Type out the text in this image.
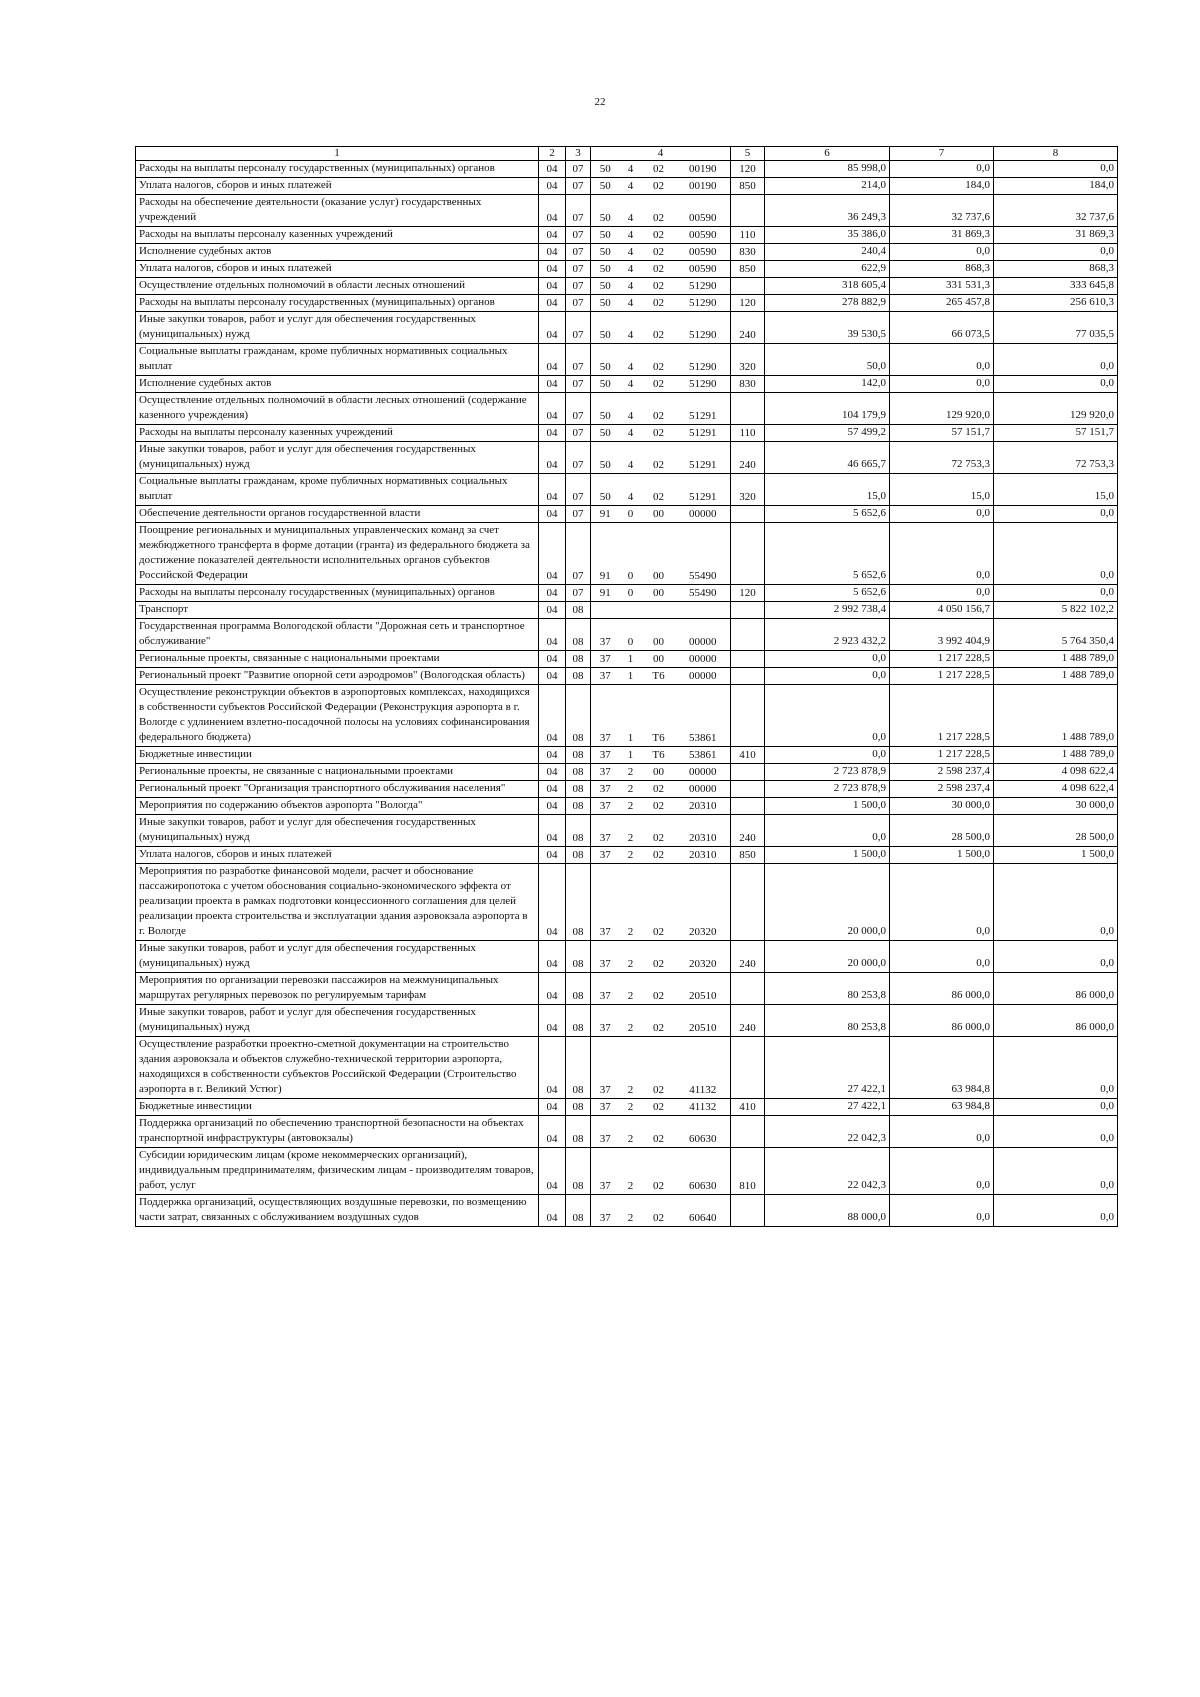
22
1	2	3	4				5	6	7	8
Расходы на выплаты персоналу государственных (муниципальных) органов	04	07	50	4	02	00190	120	85 998,0	0,0	0,0
Уплата налогов, сборов и иных платежей	04	07	50	4	02	00190	850	214,0	184,0	184,0
Расходы на обеспечение деятельности (оказание услуг) государственных учреждений	04	07	50	4	02	00590		36 249,3	32 737,6	32 737,6
Расходы на выплаты персоналу казенных учреждений	04	07	50	4	02	00590	110	35 386,0	31 869,3	31 869,3
Исполнение судебных актов	04	07	50	4	02	00590	830	240,4	0,0	0,0
Уплата налогов, сборов и иных платежей	04	07	50	4	02	00590	850	622,9	868,3	868,3
Осуществление отдельных полномочий в области лесных отношений	04	07	50	4	02	51290		318 605,4	331 531,3	333 645,8
Расходы на выплаты персоналу государственных (муниципальных) органов	04	07	50	4	02	51290	120	278 882,9	265 457,8	256 610,3
Иные закупки товаров, работ и услуг для обеспечения государственных (муниципальных) нужд	04	07	50	4	02	51290	240	39 530,5	66 073,5	77 035,5
Социальные выплаты гражданам, кроме публичных нормативных социальных выплат	04	07	50	4	02	51290	320	50,0	0,0	0,0
Исполнение судебных актов	04	07	50	4	02	51290	830	142,0	0,0	0,0
Осуществление отдельных полномочий в области лесных отношений (содержание казенного учреждения)	04	07	50	4	02	51291		104 179,9	129 920,0	129 920,0
Расходы на выплаты персоналу казенных учреждений	04	07	50	4	02	51291	110	57 499,2	57 151,7	57 151,7
Иные закупки товаров, работ и услуг для обеспечения государственных (муниципальных) нужд	04	07	50	4	02	51291	240	46 665,7	72 753,3	72 753,3
Социальные выплаты гражданам, кроме публичных нормативных социальных выплат	04	07	50	4	02	51291	320	15,0	15,0	15,0
Обеспечение деятельности органов государственной власти	04	07	91	0	00	00000		5 652,6	0,0	0,0
Поощрение региональных и муниципальных управленческих команд за счет межбюджетного трансферта в форме дотации (гранта) из федерального бюджета за достижение показателей деятельности исполнительных органов субъектов Российской Федерации	04	07	91	0	00	55490		5 652,6	0,0	0,0
Расходы на выплаты персоналу государственных (муниципальных) органов	04	07	91	0	00	55490	120	5 652,6	0,0	0,0
Транспорт	04	08						2 992 738,4	4 050 156,7	5 822 102,2
Государственная программа Вологодской области "Дорожная сеть и транспортное обслуживание"	04	08	37	0	00	00000		2 923 432,2	3 992 404,9	5 764 350,4
Региональные проекты, связанные с национальными проектами	04	08	37	1	00	00000		0,0	1 217 228,5	1 488 789,0
Региональный проект "Развитие опорной сети аэродромов" (Вологодская область)	04	08	37	1	Т6	00000		0,0	1 217 228,5	1 488 789,0
Осуществление реконструкции объектов в аэропортовых комплексах, находящихся в собственности субъектов Российской Федерации (Реконструкция аэропорта в г. Вологде с удлинением взлетно-посадочной полосы на условиях софинансирования федерального бюджета)	04	08	37	1	Т6	53861		0,0	1 217 228,5	1 488 789,0
Бюджетные инвестиции	04	08	37	1	Т6	53861	410	0,0	1 217 228,5	1 488 789,0
Региональные проекты, не связанные с национальными проектами	04	08	37	2	00	00000		2 723 878,9	2 598 237,4	4 098 622,4
Региональный проект "Организация транспортного обслуживания населения"	04	08	37	2	02	00000		2 723 878,9	2 598 237,4	4 098 622,4
Мероприятия по содержанию объектов аэропорта "Вологда"	04	08	37	2	02	20310		1 500,0	30 000,0	30 000,0
Иные закупки товаров, работ и услуг для обеспечения государственных (муниципальных) нужд	04	08	37	2	02	20310	240	0,0	28 500,0	28 500,0
Уплата налогов, сборов и иных платежей	04	08	37	2	02	20310	850	1 500,0	1 500,0	1 500,0
Мероприятия по разработке финансовой модели, расчет и обоснование пассажиропотока с учетом обоснования социально-экономического эффекта от реализации проекта в рамках подготовки концессионного соглашения для целей реализации проекта строительства и эксплуатации здания аэровокзала аэропорта в г. Вологде	04	08	37	2	02	20320		20 000,0	0,0	0,0
Иные закупки товаров, работ и услуг для обеспечения государственных (муниципальных) нужд	04	08	37	2	02	20320	240	20 000,0	0,0	0,0
Мероприятия по организации перевозки пассажиров на межмуниципальных маршрутах регулярных перевозок по регулируемым тарифам	04	08	37	2	02	20510		80 253,8	86 000,0	86 000,0
Иные закупки товаров, работ и услуг для обеспечения государственных (муниципальных) нужд	04	08	37	2	02	20510	240	80 253,8	86 000,0	86 000,0
Осуществление разработки проектно-сметной документации на строительство здания аэровокзала и объектов служебно-технической территории аэропорта, находящихся в собственности субъектов Российской Федерации (Строительство аэропорта в г. Великий Устюг)	04	08	37	2	02	41132		27 422,1	63 984,8	0,0
Бюджетные инвестиции	04	08	37	2	02	41132	410	27 422,1	63 984,8	0,0
Поддержка организаций по обеспечению транспортной безопасности на объектах транспортной инфраструктуры (автовокзалы)	04	08	37	2	02	60630		22 042,3	0,0	0,0
Субсидии юридическим лицам (кроме некоммерческих организаций), индивидуальным предпринимателям, физическим лицам - производителям товаров, работ, услуг	04	08	37	2	02	60630	810	22 042,3	0,0	0,0
Поддержка организаций, осуществляющих воздушные перевозки, по возмещению части затрат, связанных с обслуживанием воздушных судов	04	08	37	2	02	60640		88 000,0	0,0	0,0
